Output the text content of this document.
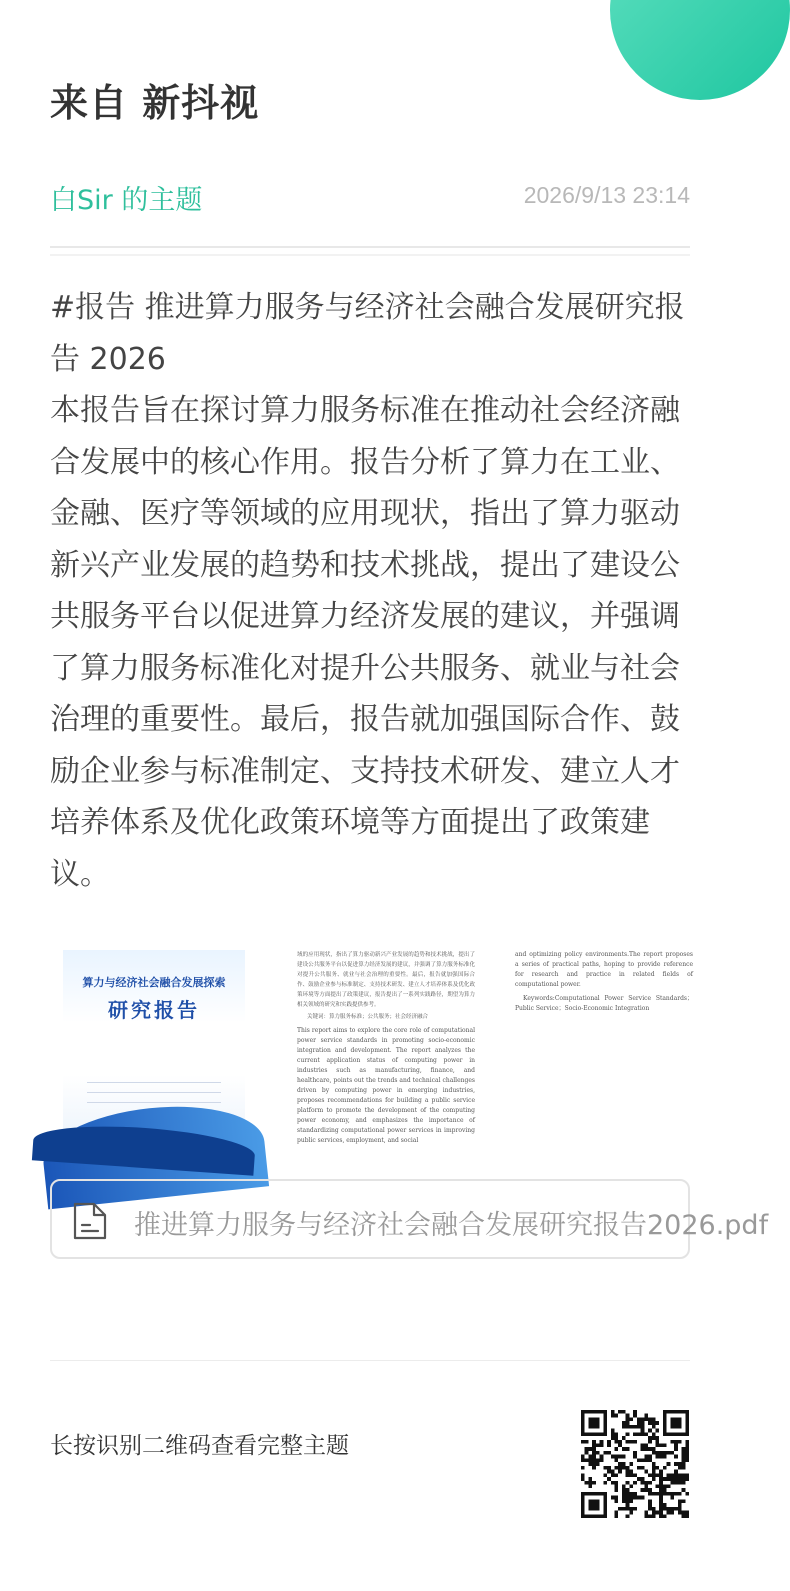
来自 新抖视
白Sir 的主题	2026/9/13 23:14

#报告 推进算力服务与经济社会融合发展研究报告 2026

本报告旨在探讨算力服务标准在推动社会经济融合发展中的核心作用。报告分析了算力在工业、金融、医疗等领域的应用现状，指出了算力驱动新兴产业发展的趋势和技术挑战，提出了建设公共服务平台以促进算力经济发展的建议，并强调了算力服务标准化对提升公共服务、就业与社会治理的重要性。最后，报告就加强国际合作、鼓励企业参与标准制定、支持技术研发、建立人才培养体系及优化政策环境等方面提出了政策建议。

算力与经济社会融合发展探索
研究报告
域的应用现状，指出了算力驱动新兴产业发展的趋势和技术挑战，提出了建设公共服务平台以促进算力经济发展的建议，并强调了算力服务标准化对提升公共服务、就业与社会治理的重要性。最后，报告就加强国际合作、鼓励企业参与标准制定、支持技术研发、建立人才培养体系及优化政策环境等方面提出了政策建议，报告提出了一系列实践路径，期望为算力相关领域的研究和实践提供参考。
关键词：算力服务标准；公共服务；社会经济融合
This report aims to explore the core role of computational power service standards in promoting socio-economic integration and development. The report analyzes the current application status of computing power in industries such as manufacturing, finance, and healthcare, points out the trends and technical challenges driven by computing power in emerging industries, proposes recommendations for building a public service platform to promote the development of the computing power economy, and emphasizes the importance of standardizing computational power services in improving public services, employment, and social
and optimizing policy environments.The report proposes a series of practical paths, hoping to provide reference for research and practice in related fields of computational power.
Keywords:Computational Power Service Standards；Public Service；Socio-Economic Integration
推进算力服务与经济社会融合发展研究报告2026.pdf
长按识别二维码查看完整主题
